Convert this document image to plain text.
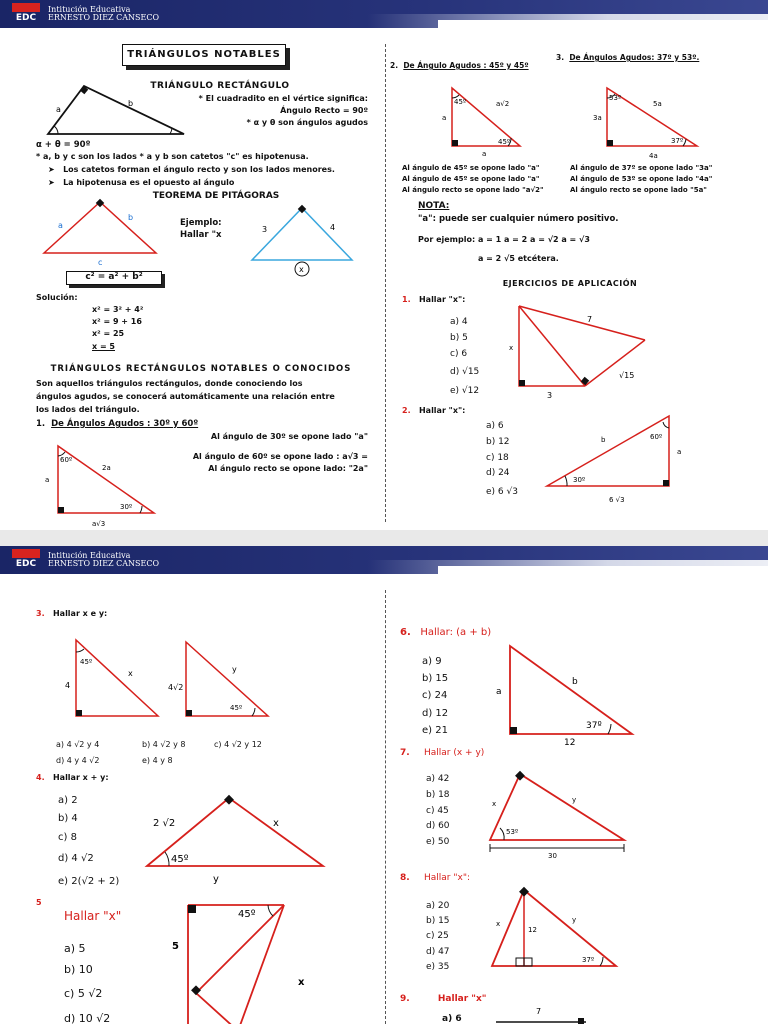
EDC
Intitución Educativa
ERNESTO DIEZ CANSECO
TRIÁNGULOS NOTABLES
TRIÁNGULO RECTÁNGULO
* El cuadradito en el vértice significa:
Ángulo Recto = 90º
* α y θ son ángulos agudos
a
b
α + θ = 90º
* a, b y c son los lados * a y b son catetos "c" es hipotenusa.
➤   Los catetos forman el ángulo recto y son los lados menores.
➤   La hipotenusa es el opuesto al ángulo
TEOREMA DE PITÁGORAS
a
b
c
Ejemplo:
Hallar "x
3	4
x
c² = a² + b²
Solución:
x² = 3² + 4²
x² = 9 + 16
x² = 25
x = 5
TRIÁNGULOS RECTÁNGULOS NOTABLES O CONOCIDOS
Son aquellos triángulos rectángulos, donde conociendo los
ángulos agudos, se conocerá automáticamente una relación entre
los lados del triángulo.
1. De Ángulos Agudos : 30º y 60º
Al ángulo de 30º se opone lado "a"
Al ángulo de 60º se opone lado : a√3 =
Al ángulo recto se opone lado: "2a"
60º
30º
a
2a
a√3
2. De Ángulo Agudos : 45º y 45º
3. De Ángulos Agudos: 37º y 53º.
45º
45º
a
a
a√2
53º
37º
3a
4a
5a
Al ángulo de 45º se opone lado "a"
Al ángulo de 45º se opone lado "a"
Al ángulo recto se opone lado "a√2"
Al ángulo de 37º se opone lado "3a"
Al ángulo de 53º se opone lado "4a"
Al ángulo recto se opone lado "5a"
NOTA:
"a": puede ser cualquier número positivo.
Por ejemplo: a = 1 a = 2 a = √2 a = √3
a = 2 √5 etcétera.
EJERCICIOS DE APLICACIÓN
1. Hallar "x":
a) 4
b) 5
c) 6
d) √15
e) √12
7
x
√15
3
2. Hallar "x":
a) 6
b) 12
c) 18
d) 24
e) 6 √3
60º
30º
b
a
6 √3
EDC
Intitución Educativa
ERNESTO DIEZ CANSECO
3. Hallar x e y:
45º
4
x
45º
4√2
y
a) 4 √2 y 4	b) 4 √2 y 8	c) 4 √2 y 12
d) 4 y 4 √2	e) 4 y 8
4. Hallar x + y:
a) 2
b) 4
c) 8
d) 4 √2
e) 2(√2 + 2)
2 √2	x
45º
y
5
Hallar "x"
a) 5
b) 10
c) 5 √2
d) 10 √2
45º
5
x
6. Hallar: (a + b)
a) 9
b) 15
c) 24
d) 12
e) 21
a
b
37º
12
7. Hallar (x + y)
a) 42
b) 18
c) 45
d) 60
e) 50
x	y
53º
30
8. Hallar "x":
a) 20
b) 15
c) 25
d) 47
e) 35
x
12
y
37º
9.	Hallar "x"
a) 6
7
